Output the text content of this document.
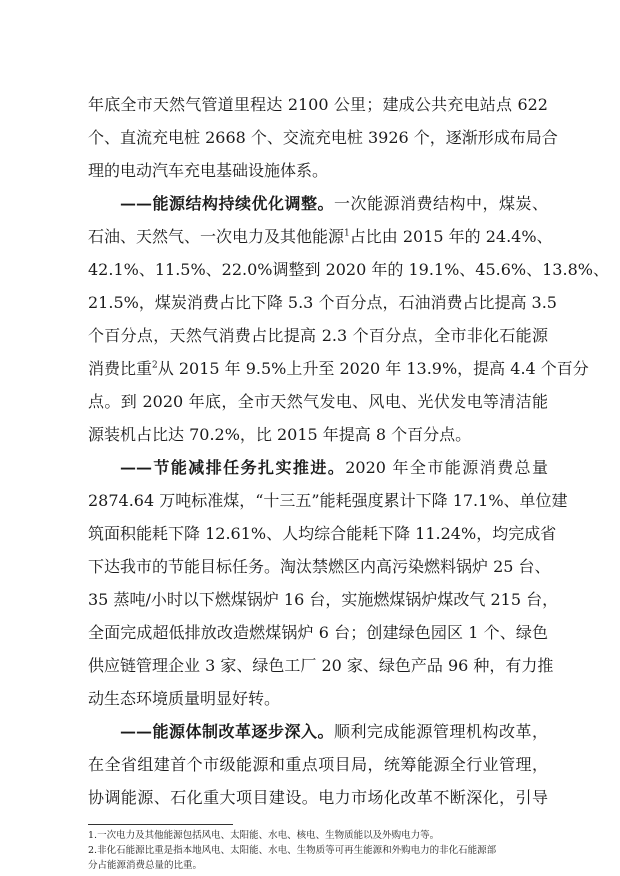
年底全市天然气管道里程达 2100 公里；建成公共充电站点 622
个、直流充电桩 2668 个、交流充电桩 3926 个，逐渐形成布局合
理的电动汽车充电基础设施体系。
——能源结构持续优化调整。一次能源消费结构中，煤炭、
石油、天然气、一次电力及其他能源$^1$占比由 2015 年的 24.4%、
42.1%、11.5%、22.0%调整到 2020 年的 19.1%、45.6%、13.8%、
21.5%，煤炭消费占比下降 5.3 个百分点，石油消费占比提高 3.5
个百分点，天然气消费占比提高 2.3 个百分点，全市非化石能源
消费比重$^2$从 2015 年 9.5%上升至 2020 年 13.9%，提高 4.4 个百分
点。到 2020 年底，全市天然气发电、风电、光伏发电等清洁能
源装机占比达 70.2%，比 2015 年提高 8 个百分点。
——节能减排任务扎实推进。2020 年全市能源消费总量
2874.64 万吨标准煤，“十三五”能耗强度累计下降 17.1%、单位建
筑面积能耗下降 12.61%、人均综合能耗下降 11.24%，均完成省
下达我市的节能目标任务。淘汰禁燃区内高污染燃料锅炉 25 台、
35 蒸吨/小时以下燃煤锅炉 16 台，实施燃煤锅炉煤改气 215 台，
全面完成超低排放改造燃煤锅炉 6 台；创建绿色园区 1 个、绿色
供应链管理企业 3 家、绿色工厂 20 家、绿色产品 96 种，有力推
动生态环境质量明显好转。
——能源体制改革逐步深入。顺利完成能源管理机构改革，
在全省组建首个市级能源和重点项目局，统筹能源全行业管理，
协调能源、石化重大项目建设。电力市场化改革不断深化，引导
1.一次电力及其他能源包括风电、太阳能、水电、核电、生物质能以及外购电力等。
2.非化石能源比重是指本地风电、太阳能、水电、生物质等可再生能源和外购电力的非化石能源部
分占能源消费总量的比重。
